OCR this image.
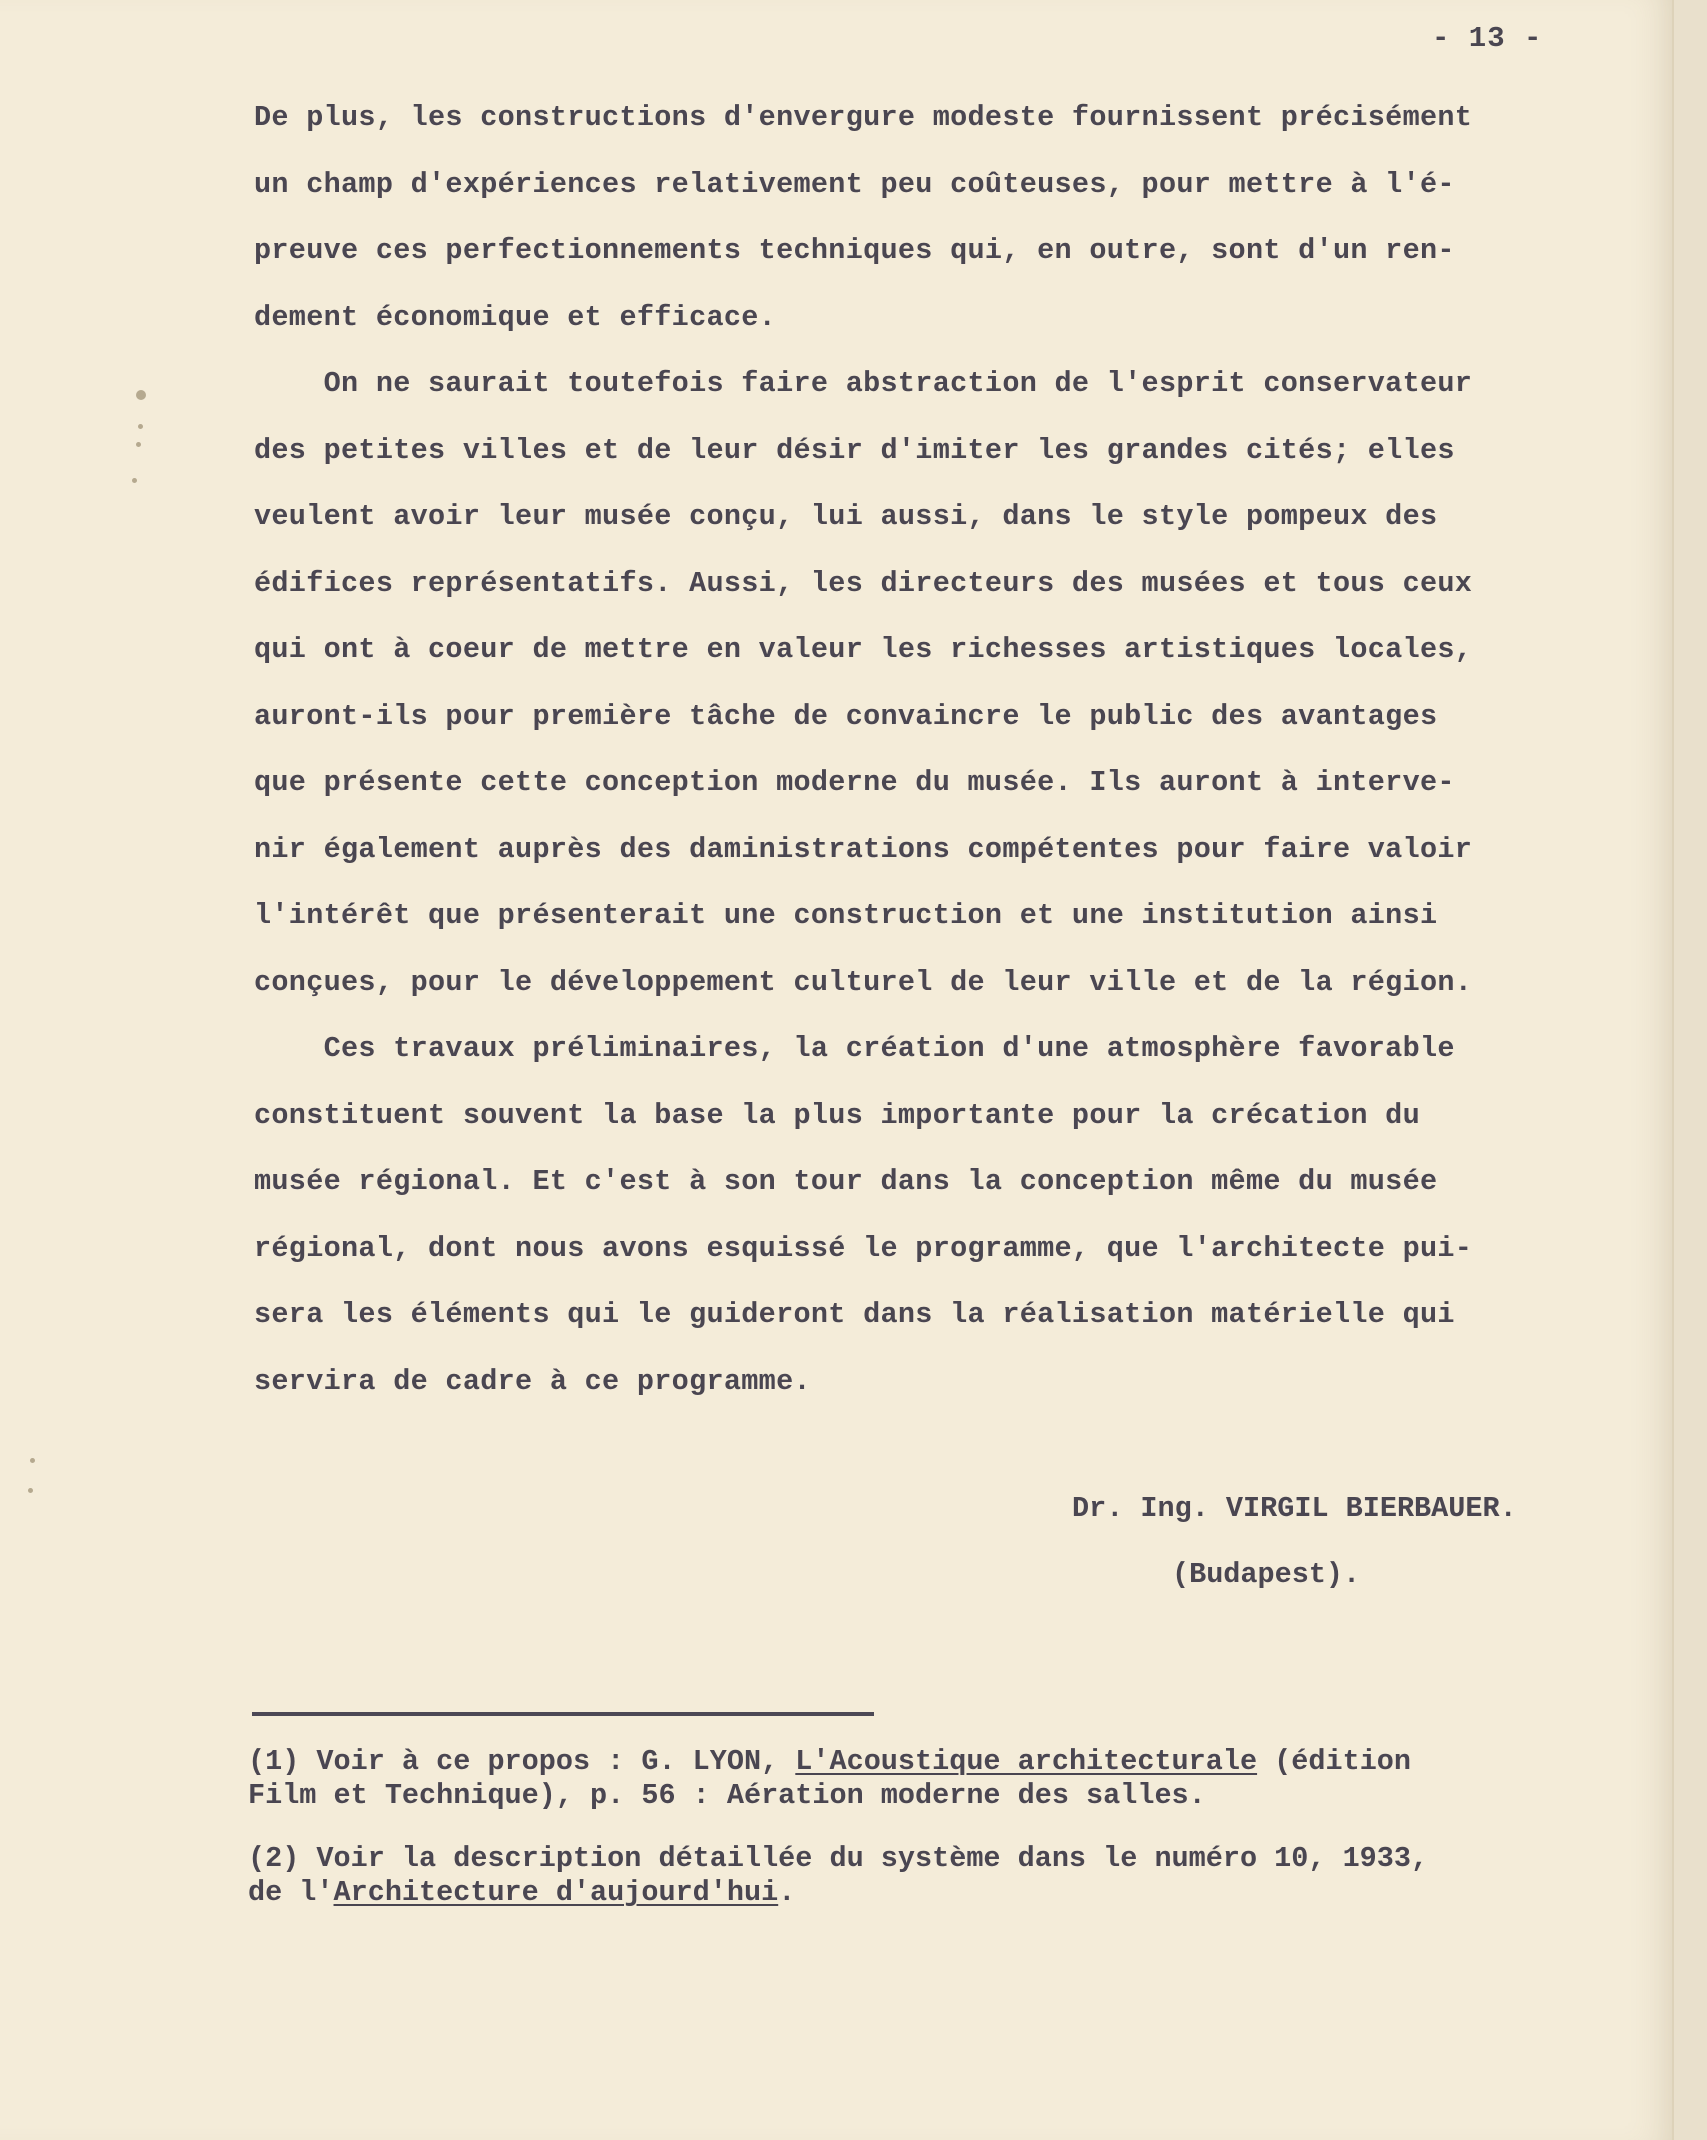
- 13 -
De plus, les constructions d'envergure modeste fournissent précisément
un champ d'expériences relativement peu coûteuses, pour mettre à l'é-
preuve ces perfectionnements techniques qui, en outre, sont d'un ren-
dement économique et efficace.
On ne saurait toutefois faire abstraction de l'esprit conservateur
des petites villes et de leur désir d'imiter les grandes cités; elles
veulent avoir leur musée conçu, lui aussi, dans le style pompeux des
édifices représentatifs. Aussi, les directeurs des musées et tous ceux
qui ont à coeur de mettre en valeur les richesses artistiques locales,
auront-ils pour première tâche de convaincre le public des avantages
que présente cette conception moderne du musée. Ils auront à interve-
nir également auprès des daministrations compétentes pour faire valoir
l'intérêt que présenterait une construction et une institution ainsi
conçues, pour le développement culturel de leur ville et de la région.
Ces travaux préliminaires, la création d'une atmosphère favorable
constituent souvent la base la plus importante pour la crécation du
musée régional. Et c'est à son tour dans la conception même du musée
régional, dont nous avons esquissé le programme, que l'architecte pui-
sera les éléments qui le guideront dans la réalisation matérielle qui
servira de cadre à ce programme.
Dr. Ing. VIRGIL BIERBAUER.
(Budapest).
(1) Voir à ce propos : G. LYON, L'Acoustique architecturale (édition
Film et Technique), p. 56 : Aération moderne des salles.
(2) Voir la description détaillée du système dans le numéro 10, 1933,
de l'Architecture d'aujourd'hui.
